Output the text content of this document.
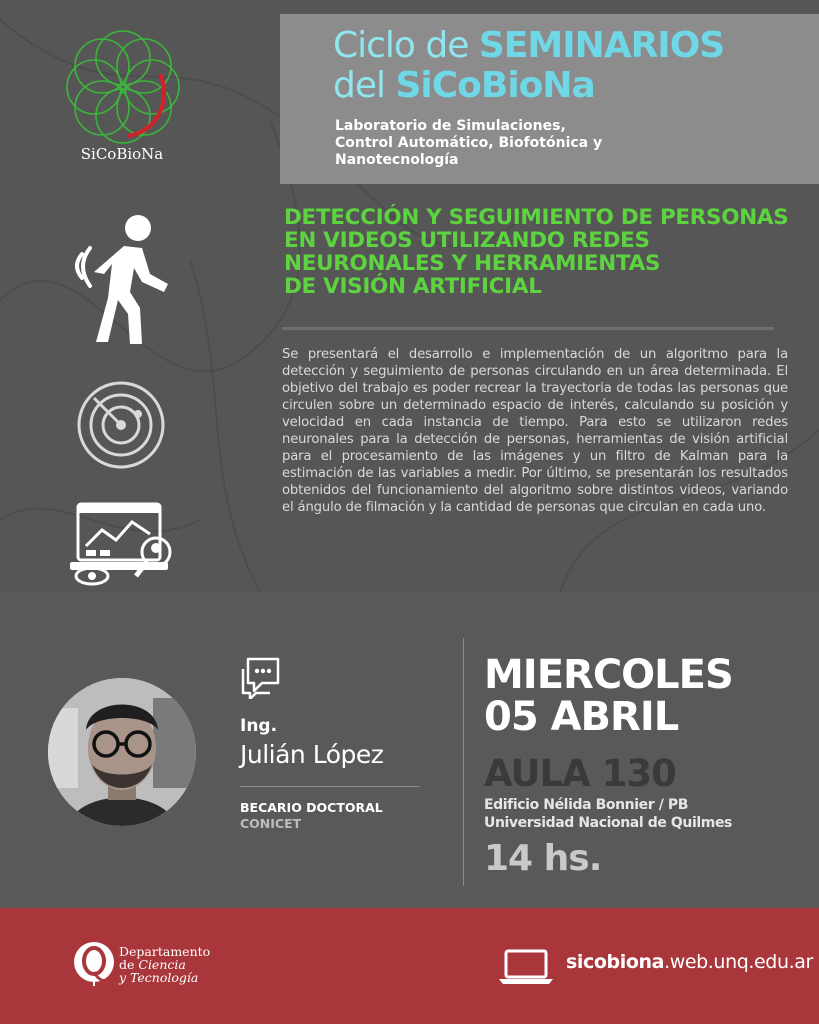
SiCoBioNa
Ciclo de SEMINARIOS
del SiCoBioNa
Laboratorio de Simulaciones,
Control Automático, Biofotónica y
Nanotecnología
DETECCIÓN Y SEGUIMIENTO DE PERSONAS
EN VIDEOS UTILIZANDO REDES
NEURONALES Y HERRAMIENTAS
DE VISIÓN ARTIFICIAL

Se presentará el desarrollo e implementación de un algoritmo para la detección y seguimiento de personas circulando en un área determinada. El objetivo del trabajo es poder recrear la trayectoria de todas las personas que circulen sobre un determinado espacio de interés, calculando su posición y velocidad en cada instancia de tiempo. Para esto se utilizaron redes neuronales para la detección de personas, herramientas de visión artificial para el procesamiento de las imágenes y un filtro de Kalman para la estimación de las variables a medir. Por último, se presentarán los resultados obtenidos del funcionamiento del algoritmo sobre distintos videos, variando el ángulo de filmación y la cantidad de personas que circulan en cada uno.

Ing.
Julián López
BECARIO DOCTORAL
CONICET
MIERCOLES
05 ABRIL
AULA 130
Edificio Nélida Bonnier / PB
Universidad Nacional de Quilmes
14 hs.
Departamento
de Ciencia
y Tecnología
sicobiona.web.unq.edu.ar
